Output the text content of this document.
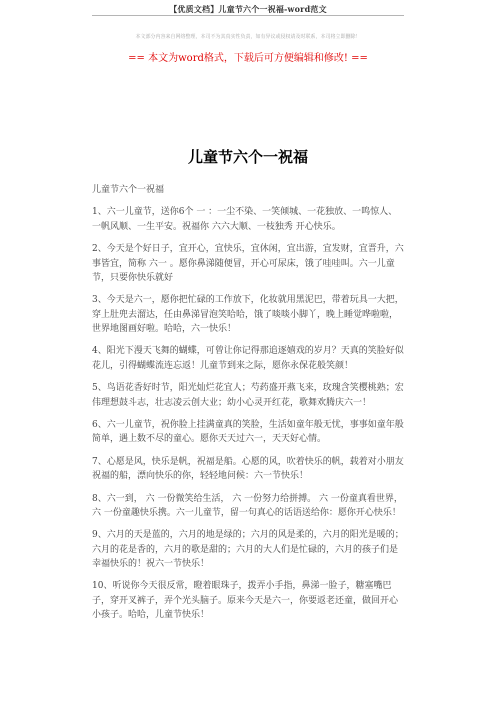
【优质文档】儿童节六个一祝福-word范文
本文部分内容来自网络整理，本司不为其真实性负责，如有异议或侵权请及时联系，本司将立即删除！
== 本文为word格式，下载后可方便编辑和修改! ==
儿童节六个一祝福

儿童节六个一祝福

1、六一儿童节，送你6个 一 ：一尘不染、一笑倾城、一花独放、一鸣惊人、一帆风顺、一生平安。祝福你 六六大顺、一枝独秀 开心快乐。

2、今天是个好日子，宜开心，宜快乐，宜休闲，宜出游，宜发财，宜晋升，六事皆宜，简称 六一 。愿你鼻涕随便冒，开心可尿床，饿了哇哇叫。六一儿童节，只要你快乐就好

3、今天是六一，愿你把忙碌的工作放下，化妆就用黑泥巴，带着玩具一大把，穿上肚兜去溜达，任由鼻涕冒泡笑哈哈，饿了啖啖小脚丫，晚上睡觉哗啦啦，世界地图画好啦。哈哈，六一快乐！

4、阳光下漫天飞舞的蝴蝶，可曾让你记得那追逐嬉戏的岁月？天真的笑脸好似花儿，引得蝴蝶流连忘返！儿童节到来之际，愿你永保花般笑颜！

5、鸟语花香好时节，阳光灿烂花宜人；芍药盛开燕飞来，玫瑰含笑樱桃熟；宏伟理想鼓斗志，壮志凌云创大业；幼小心灵开红花，歌舞欢腾庆六一！

6、六一儿童节，祝你脸上挂满童真的笑脸，生活如童年般无忧，事事如童年般简单，遇上数不尽的童心。愿你天天过六一，天天好心情。

7、心愿是风，快乐是帆，祝福是船。心愿的风，吹着快乐的帆，载着对小朋友祝福的船，漂向快乐的你，轻轻地问候：六一节快乐！

8、六一到， 六 一份微笑给生活， 六 一份努力给拼搏。 六 一份童真看世界， 六 一份童趣快乐携。六一儿童节，留一句真心的话语送给你：愿你开心快乐！

9、六月的天是蓝的，六月的地是绿的；六月的风是柔的，六月的阳光是暖的；六月的花是香的，六月的歌是甜的；六月的大人们是忙碌的，六月的孩子们是幸福快乐的！祝六一节快乐！

10、听说你今天很反常，瞪着眼珠子，拨弄小手指，鼻涕一脸子，糖塞嘴巴子，穿开叉裤子，弄个光头脑子。原来今天是六一，你要返老还童，做回开心小孩子。哈哈，儿童节快乐！
